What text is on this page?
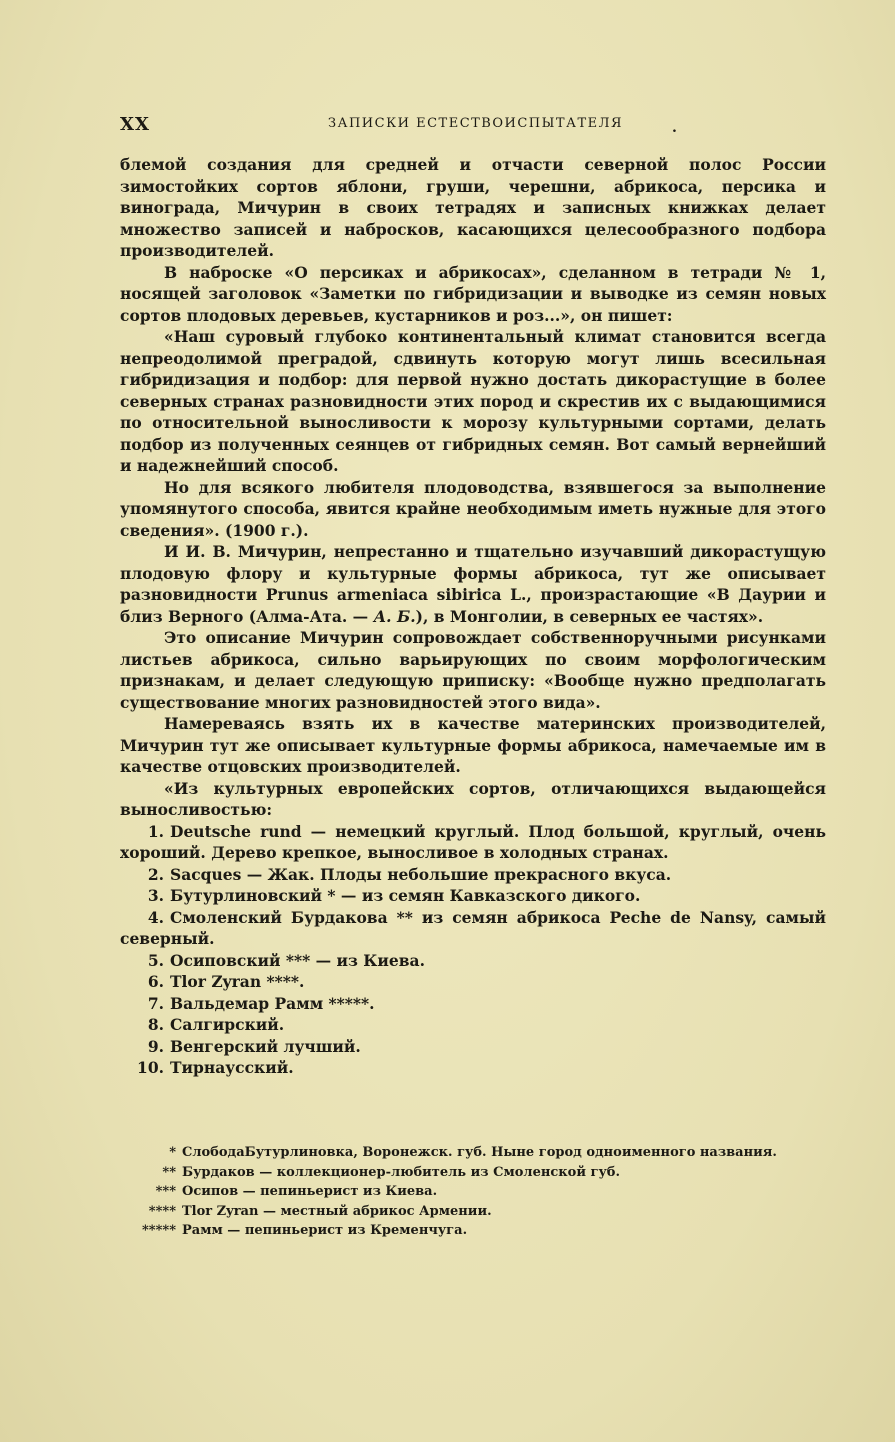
XX	ЗАПИСКИ ЕСТЕСТВОИСПЫТАТЕЛЯ	.

блемой создания для средней и отчасти северной полос России зимостойких сортов яблони, груши, черешни, абрикоса, персика и винограда, Мичурин в своих тетрадях и записных книжках делает множество записей и набросков, касающихся целесообразного подбора производителей.

В наброске «О персиках и абрикосах», сделанном в тетради № 1, носящей заголовок «Заметки по гибридизации и выводке из семян новых сортов плодовых деревьев, кустарников и роз...», он пишет:

«Наш суровый глубоко континентальный климат становится всегда непреодолимой преградой, сдвинуть которую могут лишь всесильная гибридизация и подбор: для первой нужно достать дикорастущие в более северных странах разновидности этих пород и скрестив их с выдающимися по относительной выносливости к морозу культурными сортами, делать подбор из полученных сеянцев от гибридных семян. Вот самый вернейший и надежнейший способ.

Но для всякого любителя плодоводства, взявшегося за выполнение упомянутого способа, явится крайне необходимым иметь нужные для этого сведения». (1900 г.).

И И. В. Мичурин, непрестанно и тщательно изучавший дикорастущую плодовую флору и культурные формы абрикоса, тут же описывает разновидности Prunus armeniaca sibirica L., произрастающие «В Даурии и близ Верного (Алма-Ата. — А. Б.), в Монголии, в северных ее частях».

Это описание Мичурин сопровождает собственноручными рисунками листьев абрикоса, сильно варьирующих по своим морфологическим признакам, и делает следующую приписку: «Вообще нужно предполагать существование многих разновидностей этого вида».

Намереваясь взять их в качестве материнских производителей, Мичурин тут же описывает культурные формы абрикоса, намечаемые им в качестве отцовских производителей.

«Из культурных европейских сортов, отличающихся выдающейся выносливостью:

1. Deutsche rund — немецкий круглый. Плод большой, круглый, очень хороший. Дерево крепкое, выносливое в холодных странах.
2. Sacques — Жак. Плоды небольшие прекрасного вкуса.
3. Бутурлиновский * — из семян Кавказского дикого.
4. Смоленский Бурдакова ** из семян абрикоса Peche de Nansy, самый северный.
5. Осиповский *** — из Киева.
6. Tlor Zyran ****.
7. Вальдемар Рамм *****.
8. Салгирский.
9. Венгерский лучший.
10. Тирнаусский.
* СлободаБутурлиновка, Воронежск. губ. Ныне город одноименного названия.
** Бурдаков — коллекционер-любитель из Смоленской губ.
*** Осипов — пепиньерист из Киева.
**** Tlor Zyran — местный абрикос Армении.
***** Рамм — пепиньерист из Кременчуга.
